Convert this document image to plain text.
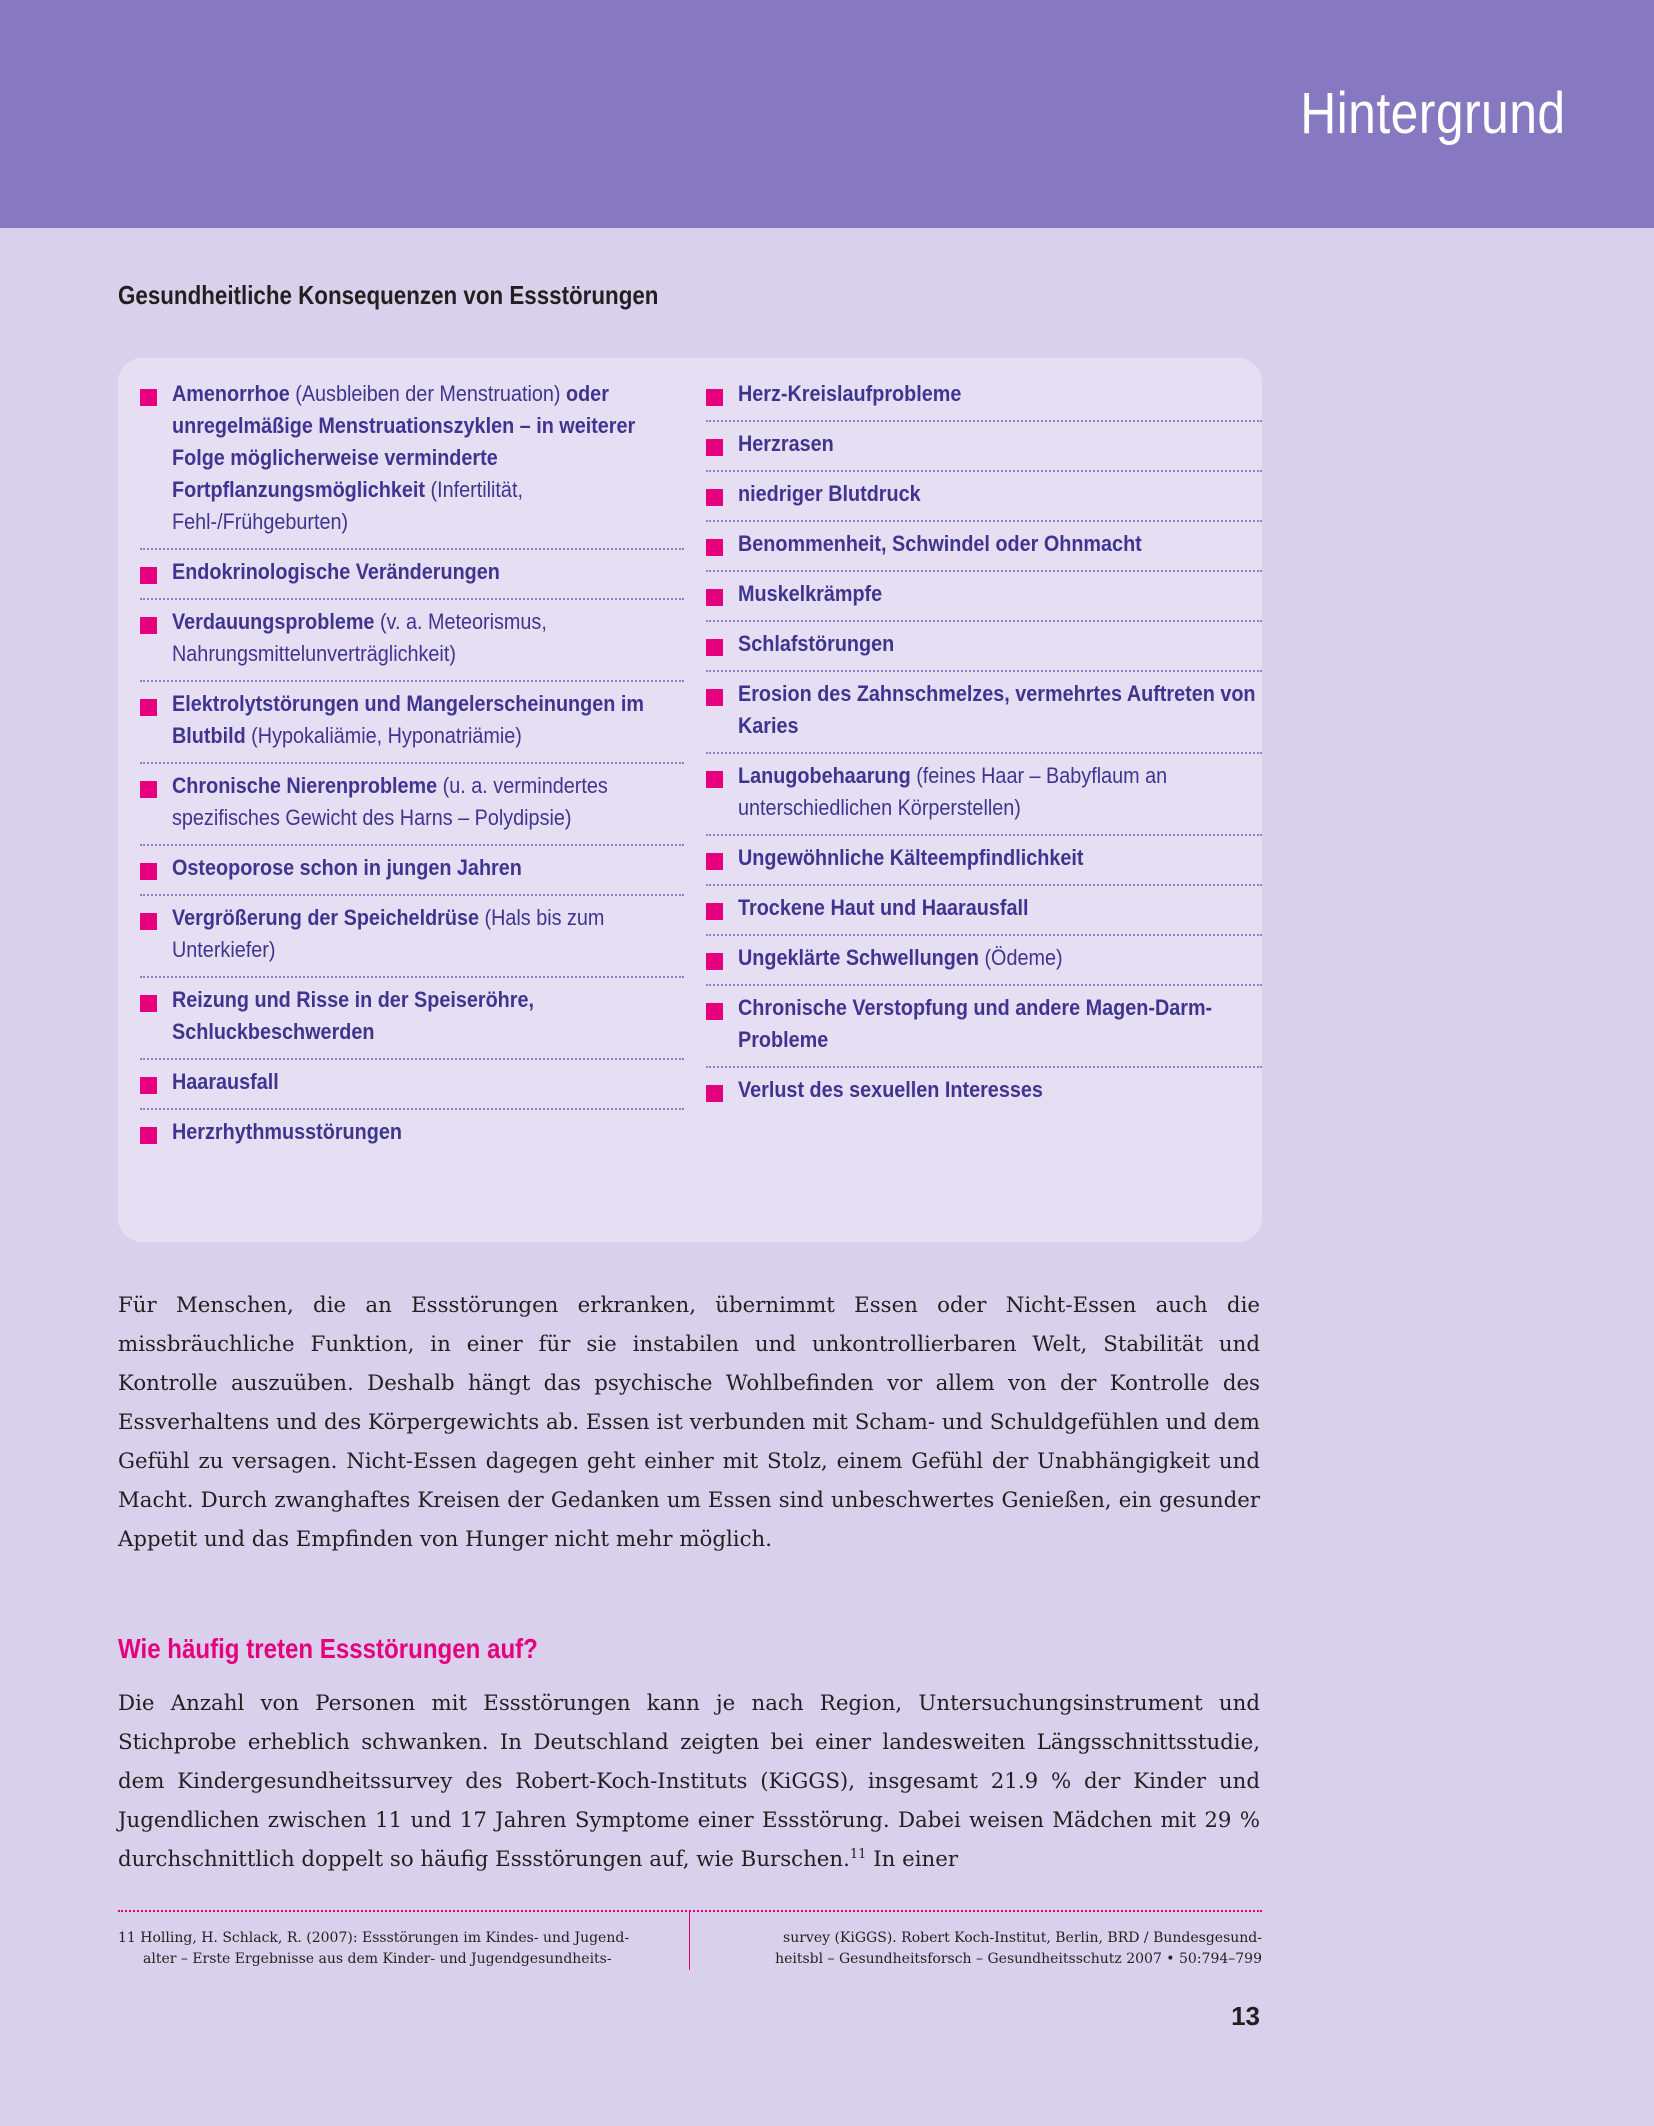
Hintergrund
Gesundheitliche Konsequenzen von Essstörungen
Amenorrhoe (Ausbleiben der Menstruation) oder unregelmäßige Menstruationszyklen – in weiterer Folge möglicherweise verminderte Fortpflanzungsmöglichkeit (Infertilität, Fehl-/Frühgeburten)
Endokrinologische Veränderungen
Verdauungsprobleme (v. a. Meteorismus, Nahrungsmittelunverträglichkeit)
Elektrolytstörungen und Mangelerscheinungen im Blutbild (Hypokaliämie, Hyponatriämie)
Chronische Nierenprobleme (u. a. vermindertes spezifisches Gewicht des Harns – Polydipsie)
Osteoporose schon in jungen Jahren
Vergrößerung der Speicheldrüse (Hals bis zum Unterkiefer)
Reizung und Risse in der Speiseröhre, Schluckbeschwerden
Haarausfall
Herzrhythmusstörungen
Herz-Kreislaufprobleme
Herzrasen
niedriger Blutdruck
Benommenheit, Schwindel oder Ohnmacht
Muskelkrämpfe
Schlafstörungen
Erosion des Zahnschmelzes, vermehrtes Auftreten von Karies
Lanugobehaarung (feines Haar – Babyflaum an unterschiedlichen Körperstellen)
Ungewöhnliche Kälteempfindlichkeit
Trockene Haut und Haarausfall
Ungeklärte Schwellungen (Ödeme)
Chronische Verstopfung und andere Magen-Darm-Probleme
Verlust des sexuellen Interesses

Für Menschen, die an Essstörungen erkranken, übernimmt Essen oder Nicht-Essen auch die missbräuchliche Funktion, in einer für sie instabilen und unkontrollierbaren Welt, Stabilität und Kontrolle auszuüben. Deshalb hängt das psychische Wohlbefinden vor allem von der Kontrolle des Essverhaltens und des Körpergewichts ab. Essen ist verbunden mit Scham- und Schuldgefühlen und dem Gefühl zu versagen. Nicht-Essen dagegen geht einher mit Stolz, einem Gefühl der Unabhängigkeit und Macht. Durch zwanghaftes Kreisen der Gedanken um Essen sind unbeschwertes Genießen, ein gesunder Appetit und das Empfinden von Hunger nicht mehr möglich.

Wie häufig treten Essstörungen auf?

Die Anzahl von Personen mit Essstörungen kann je nach Region, Untersuchungsinstrument und Stichprobe erheblich schwanken. In Deutschland zeigten bei einer landesweiten Längsschnittsstudie, dem Kindergesundheitssurvey des Robert-Koch-Instituts (KiGGS), insgesamt 21.9 % der Kinder und Jugendlichen zwischen 11 und 17 Jahren Symptome einer Essstörung. Dabei weisen Mädchen mit 29 % durchschnittlich doppelt so häufig Essstörungen auf, wie Burschen.$^{11}$ In einer

11 Holling, H. Schlack, R. (2007): Essstörungen im Kindes- und Jugend-
alter – Erste Ergebnisse aus dem Kinder- und Jugendgesundheits-

survey (KiGGS). Robert Koch-Institut, Berlin, BRD / Bundesgesund-
heitsbl – Gesundheitsforsch – Gesundheitsschutz 2007 • 50:794–799

13
